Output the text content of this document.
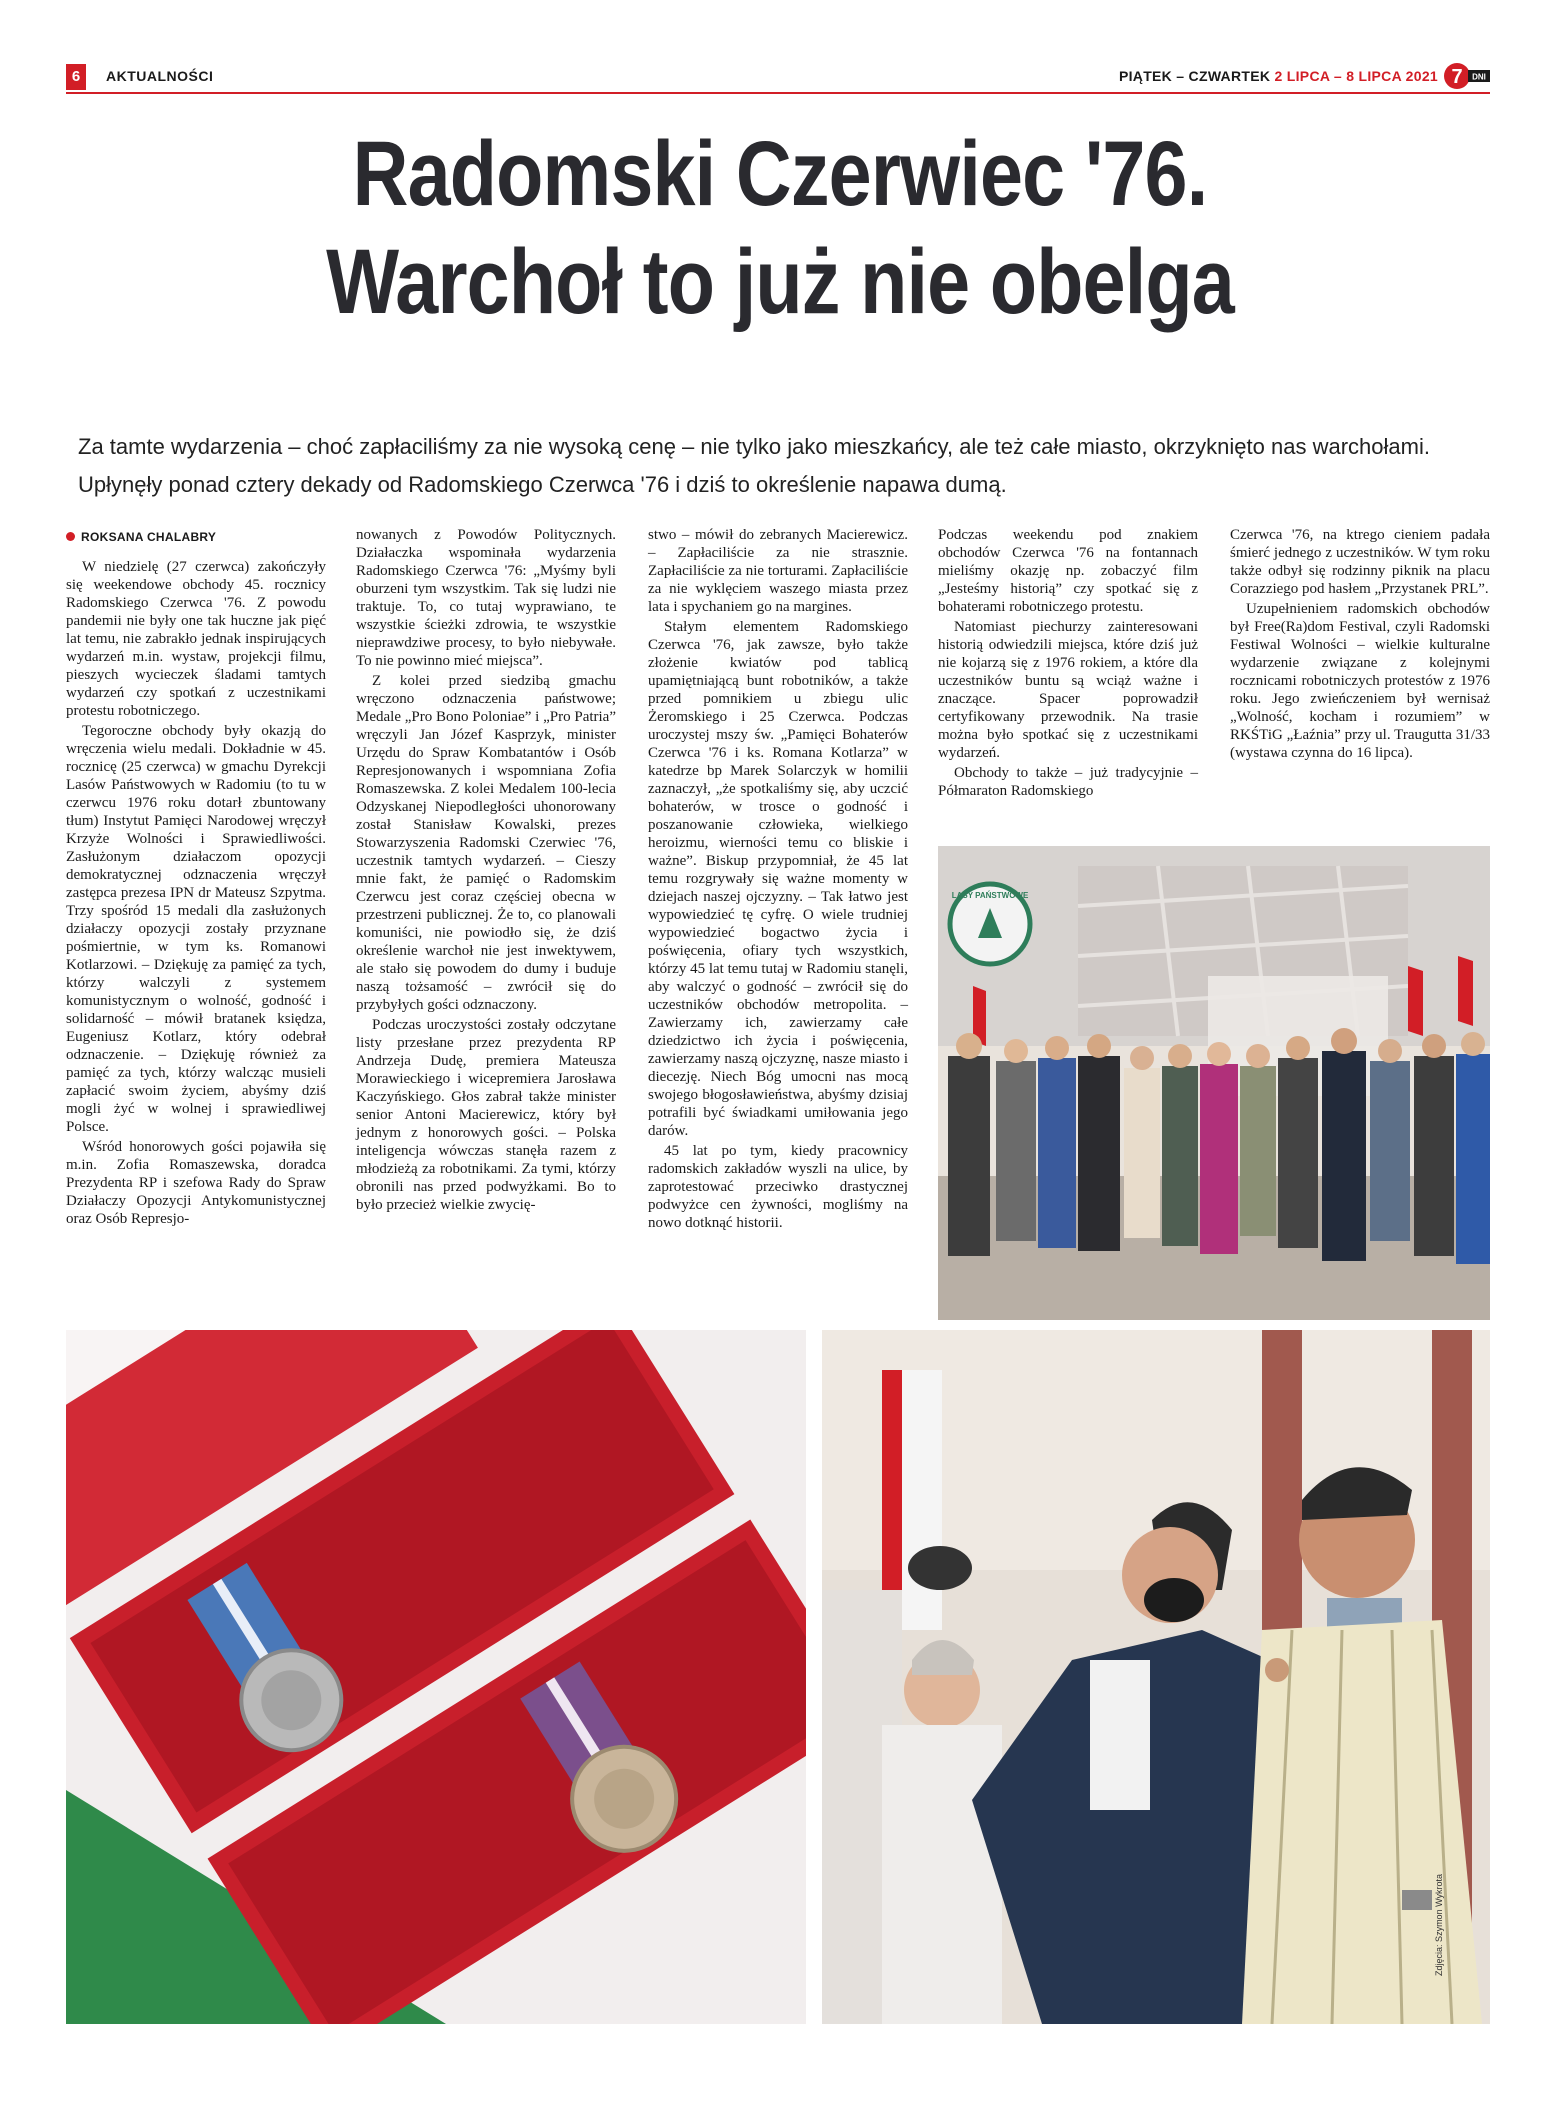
6	AKTUALNOŚCI	PIĄTEK – CZWARTEK 2 LIPCA – 8 LIPCA 2021 7 DNI
Radomski Czerwiec '76.
Warchoł to już nie obelga
Za tamte wydarzenia – choć zapłaciliśmy za nie wysoką cenę – nie tylko jako mieszkańcy, ale też całe miasto, okrzyknięto nas warchołami. Upłynęły ponad cztery dekady od Radomskiego Czerwca '76 i dziś to określenie napawa dumą.
ROKSANA CHALABRY

W niedzielę (27 czerwca) zakończyły się weekendowe obchody 45. rocznicy Radomskiego Czerwca '76. Z powodu pandemii nie były one tak huczne jak pięć lat temu, nie zabrakło jednak inspirujących wydarzeń m.in. wystaw, projekcji filmu, pieszych wycieczek śladami tamtych wydarzeń czy spotkań z uczestnikami protestu robotniczego.

Tegoroczne obchody były okazją do wręczenia wielu medali. Dokładnie w 45. rocznicę (25 czerwca) w gmachu Dyrekcji Lasów Państwowych w Radomiu (to tu w czerwcu 1976 roku dotarł zbuntowany tłum) Instytut Pamięci Narodowej wręczył Krzyże Wolności i Sprawiedliwości. Zasłużonym działaczom opozycji demokratycznej odznaczenia wręczył zastępca prezesa IPN dr Mateusz Szpytma. Trzy spośród 15 medali dla zasłużonych działaczy opozycji zostały przyznane pośmiertnie, w tym ks. Romanowi Kotlarzowi. – Dziękuję za pamięć za tych, którzy walczyli z systemem komunistycznym o wolność, godność i solidarność – mówił bratanek księdza, Eugeniusz Kotlarz, który odebrał odznaczenie. – Dziękuję również za pamięć za tych, którzy walcząc musieli zapłacić swoim życiem, abyśmy dziś mogli żyć w wolnej i sprawiedliwej Polsce.

Wśród honorowych gości pojawiła się m.in. Zofia Romaszewska, doradca Prezydenta RP i szefowa Rady do Spraw Działaczy Opozycji Antykomunistycznej oraz Osób Represjo-

nowanych z Powodów Politycznych. Działaczka wspominała wydarzenia Radomskiego Czerwca '76: „Myśmy byli oburzeni tym wszystkim. Tak się ludzi nie traktuje. To, co tutaj wyprawiano, te wszystkie ścieżki zdrowia, te wszystkie nieprawdziwe procesy, to było niebywałe. To nie powinno mieć miejsca”.

Z kolei przed siedzibą gmachu wręczono odznaczenia państwowe; Medale „Pro Bono Poloniae” i „Pro Patria” wręczyli Jan Józef Kasprzyk, minister Urzędu do Spraw Kombatantów i Osób Represjonowanych i wspomniana Zofia Romaszewska. Z kolei Medalem 100-lecia Odzyskanej Niepodległości uhonorowany został Stanisław Kowalski, prezes Stowarzyszenia Radomski Czerwiec '76, uczestnik tamtych wydarzeń. – Cieszy mnie fakt, że pamięć o Radomskim Czerwcu jest coraz częściej obecna w przestrzeni publicznej. Że to, co planowali komuniści, nie powiodło się, że dziś określenie warchoł nie jest inwektywem, ale stało się powodem do dumy i buduje naszą tożsamość – zwrócił się do przybyłych gości odznaczony.

Podczas uroczystości zostały odczytane listy przesłane przez prezydenta RP Andrzeja Dudę, premiera Mateusza Morawieckiego i wicepremiera Jarosława Kaczyńskiego. Głos zabrał także minister senior Antoni Macierewicz, który był jednym z honorowych gości. – Polska inteligencja wówczas stanęła razem z młodzieżą za robotnikami. Za tymi, którzy obronili nas przed podwyżkami. Bo to było przecież wielkie zwycię-

stwo – mówił do zebranych Macierewicz. – Zapłaciliście za nie strasznie. Zapłaciliście za nie torturami. Zapłaciliście za nie wyklęciem waszego miasta przez lata i spychaniem go na margines.

Stałym elementem Radomskiego Czerwca '76, jak zawsze, było także złożenie kwiatów pod tablicą upamiętniającą bunt robotników, a także przed pomnikiem u zbiegu ulic Żeromskiego i 25 Czerwca. Podczas uroczystej mszy św. „Pamięci Bohaterów Czerwca '76 i ks. Romana Kotlarza” w katedrze bp Marek Solarczyk w homilii zaznaczył, „że spotkaliśmy się, aby uczcić bohaterów, w trosce o godność i poszanowanie człowieka, wielkiego heroizmu, wierności temu co bliskie i ważne”. Biskup przypomniał, że 45 lat temu rozgrywały się ważne momenty w dziejach naszej ojczyzny. – Tak łatwo jest wypowiedzieć tę cyfrę. O wiele trudniej wypowiedzieć bogactwo życia i poświęcenia, ofiary tych wszystkich, którzy 45 lat temu tutaj w Radomiu stanęli, aby walczyć o godność – zwrócił się do uczestników obchodów metropolita. – Zawierzamy ich, zawierzamy całe dziedzictwo ich życia i poświęcenia, zawierzamy naszą ojczyznę, nasze miasto i diecezję. Niech Bóg umocni nas mocą swojego błogosławieństwa, abyśmy dzisiaj potrafili być świadkami umiłowania jego darów.

45 lat po tym, kiedy pracownicy radomskich zakładów wyszli na ulice, by zaprotestować przeciwko drastycznej podwyżce cen żywności, mogliśmy na nowo dotknąć historii.

Podczas weekendu pod znakiem obchodów Czerwca '76 na fontannach mieliśmy okazję np. zobaczyć film „Jesteśmy historią” czy spotkać się z bohaterami robotniczego protestu.

Natomiast piechurzy zainteresowani historią odwiedzili miejsca, które dziś już nie kojarzą się z 1976 rokiem, a które dla uczestników buntu są wciąż ważne i znaczące. Spacer poprowadził certyfikowany przewodnik. Na trasie można było spotkać się z uczestnikami wydarzeń.

Obchody to także – już tradycyjnie – Półmaraton Radomskiego

Czerwca '76, na ktrego cieniem padała śmierć jednego z uczestników. W tym roku także odbył się rodzinny piknik na placu Corazziego pod hasłem „Przystanek PRL”.

Uzupełnieniem radomskich obchodów był Free(Ra)dom Festival, czyli Radomski Festiwal Wolności – wielkie kulturalne wydarzenie związane z kolejnymi rocznicami robotniczych protestów z 1976 roku. Jego zwieńczeniem był wernisaż „Wolność, kocham i rozumiem” w RKŚTiG „Łaźnia” przy ul. Traugutta 31/33 (wystawa czynna do 16 lipca).

LASY PAŃSTWOWE
Zdjęcia: Szymon Wykrota
